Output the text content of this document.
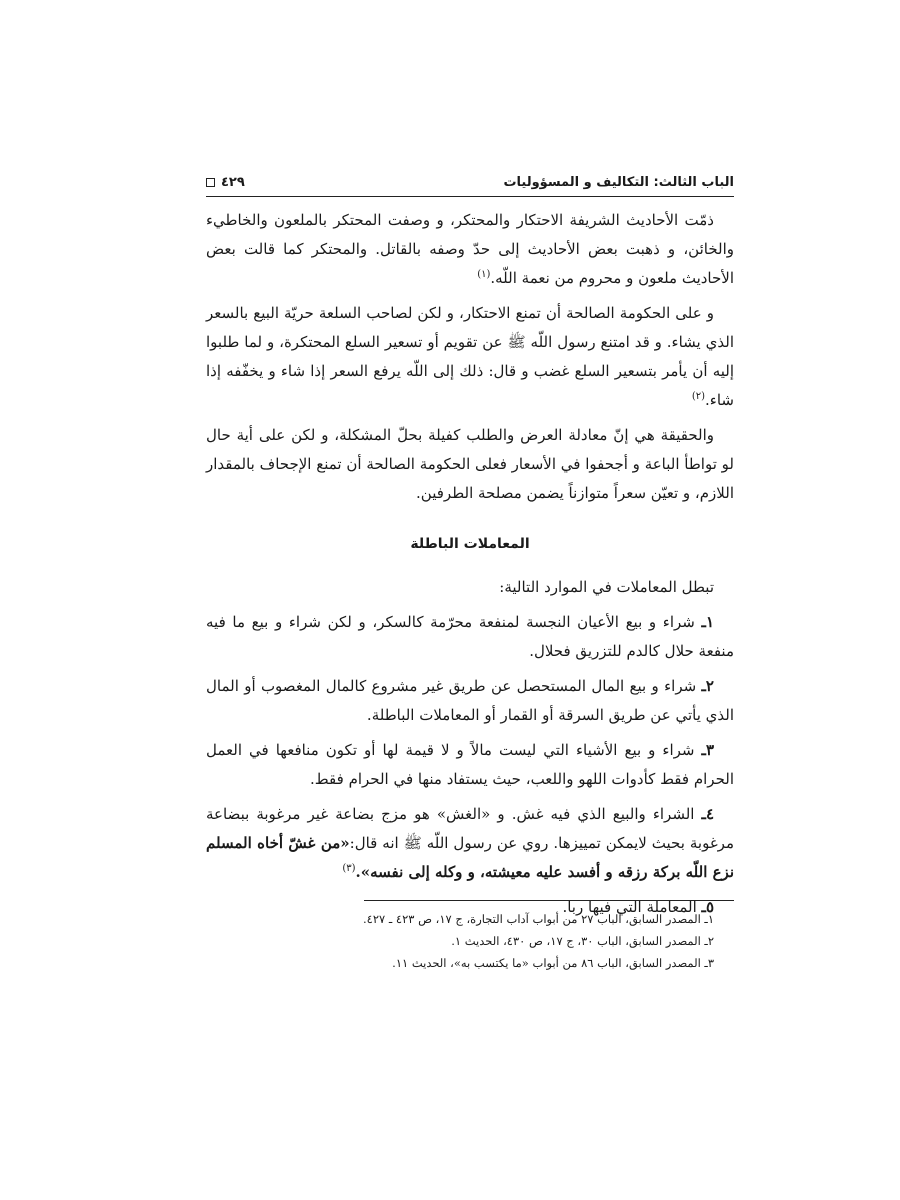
الباب الثالث: التكاليف و المسؤوليات
٤٢٩

ذمّت الأحاديث الشريفة الاحتكار والمحتكر، و وصفت المحتكر بالملعون والخاطيء والخائن، و ذهبت بعض الأحاديث إلى حدّ وصفه بالقاتل. والمحتكر كما قالت بعض الأحاديث ملعون و محروم من نعمة اللّه.$^{(١)}$

و على الحكومة الصالحة أن تمنع الاحتكار، و لكن لصاحب السلعة حريّة البيع بالسعر الذي يشاء. و قد امتنع رسول اللّه ﷺ عن تقويم أو تسعير السلع المحتكرة، و لما طلبوا إليه أن يأمر بتسعير السلع غضب و قال: ذلك إلى اللّه يرفع السعر إذا شاء و يخفّفه إذا شاء.$^{(٢)}$

والحقيقة هي إنّ معادلة العرض والطلب كفيلة بحلّ المشكلة، و لكن على أية حال لو تواطأ الباعة و أجحفوا في الأسعار فعلى الحكومة الصالحة أن تمنع الإجحاف بالمقدار اللازم، و تعيّن سعراً متوازناً يضمن مصلحة الطرفين.

المعاملات الباطلة

تبطل المعاملات في الموارد التالية:

١ـ شراء و بيع الأعيان النجسة لمنفعة محرّمة كالسكر، و لكن شراء و بيع ما فيه منفعة حلال كالدم للتزريق فحلال.

٢ـ شراء و بيع المال المستحصل عن طريق غير مشروع كالمال المغصوب أو المال الذي يأتي عن طريق السرقة أو القمار أو المعاملات الباطلة.

٣ـ شراء و بيع الأشياء التي ليست مالاً و لا قيمة لها أو تكون منافعها في العمل الحرام فقط كأدوات اللهو واللعب، حيث يستفاد منها في الحرام فقط.

٤ـ الشراء والبيع الذي فيه غش. و «الغش» هو مزج بضاعة غير مرغوبة ببضاعة مرغوبة بحيث لايمكن تمييزها. روي عن رسول اللّه ﷺ انه قال:«من غشّ أخاه المسلم نزع اللّه بركة رزقه و أفسد عليه معيشته، و وكله إلى نفسه».$^{(٣)}$

٥ـ المعاملة التي فيها ربا.

١ـ المصدر السابق، الباب ٢٧ من أبواب آداب التجارة، ج ١٧، ص ٤٢٣ ـ ٤٢٧.
٢ـ المصدر السابق، الباب ٣٠، ج ١٧، ص ٤٣٠، الحديث ١.
٣ـ المصدر السابق، الباب ٨٦ من أبواب «ما يكتسب به»، الحديث ١١.
